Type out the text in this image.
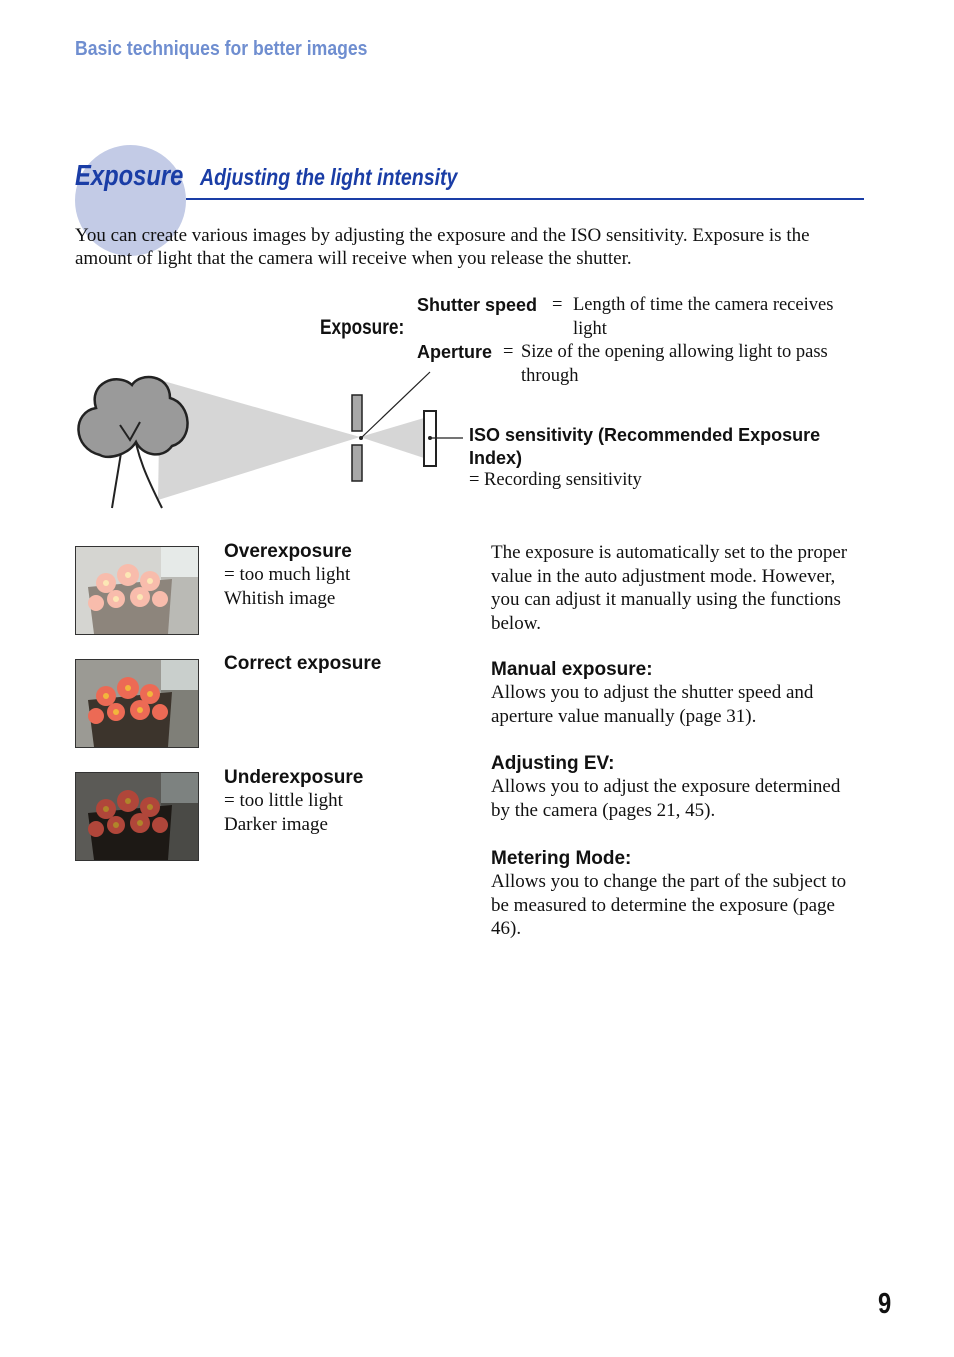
Basic techniques for better images
Exposure Adjusting the light intensity
You can create various images by adjusting the exposure and the ISO sensitivity. Exposure is the amount of light that the camera will receive when you release the shutter.
Exposure:
Shutter speed = Length of time the camera receives light
Aperture = Size of the opening allowing light to pass through
ISO sensitivity (Recommended Exposure Index)
= Recording sensitivity
Overexposure
= too much light
Whitish image
Correct exposure
Underexposure
= too little light
Darker image
The exposure is automatically set to the proper value in the auto adjustment mode. However, you can adjust it manually using the functions below.
Manual exposure:
Allows you to adjust the shutter speed and aperture value manually (page 31).
Adjusting EV:
Allows you to adjust the exposure determined by the camera (pages 21, 45).
Metering Mode:
Allows you to change the part of the subject to be measured to determine the exposure (page 46).
9
